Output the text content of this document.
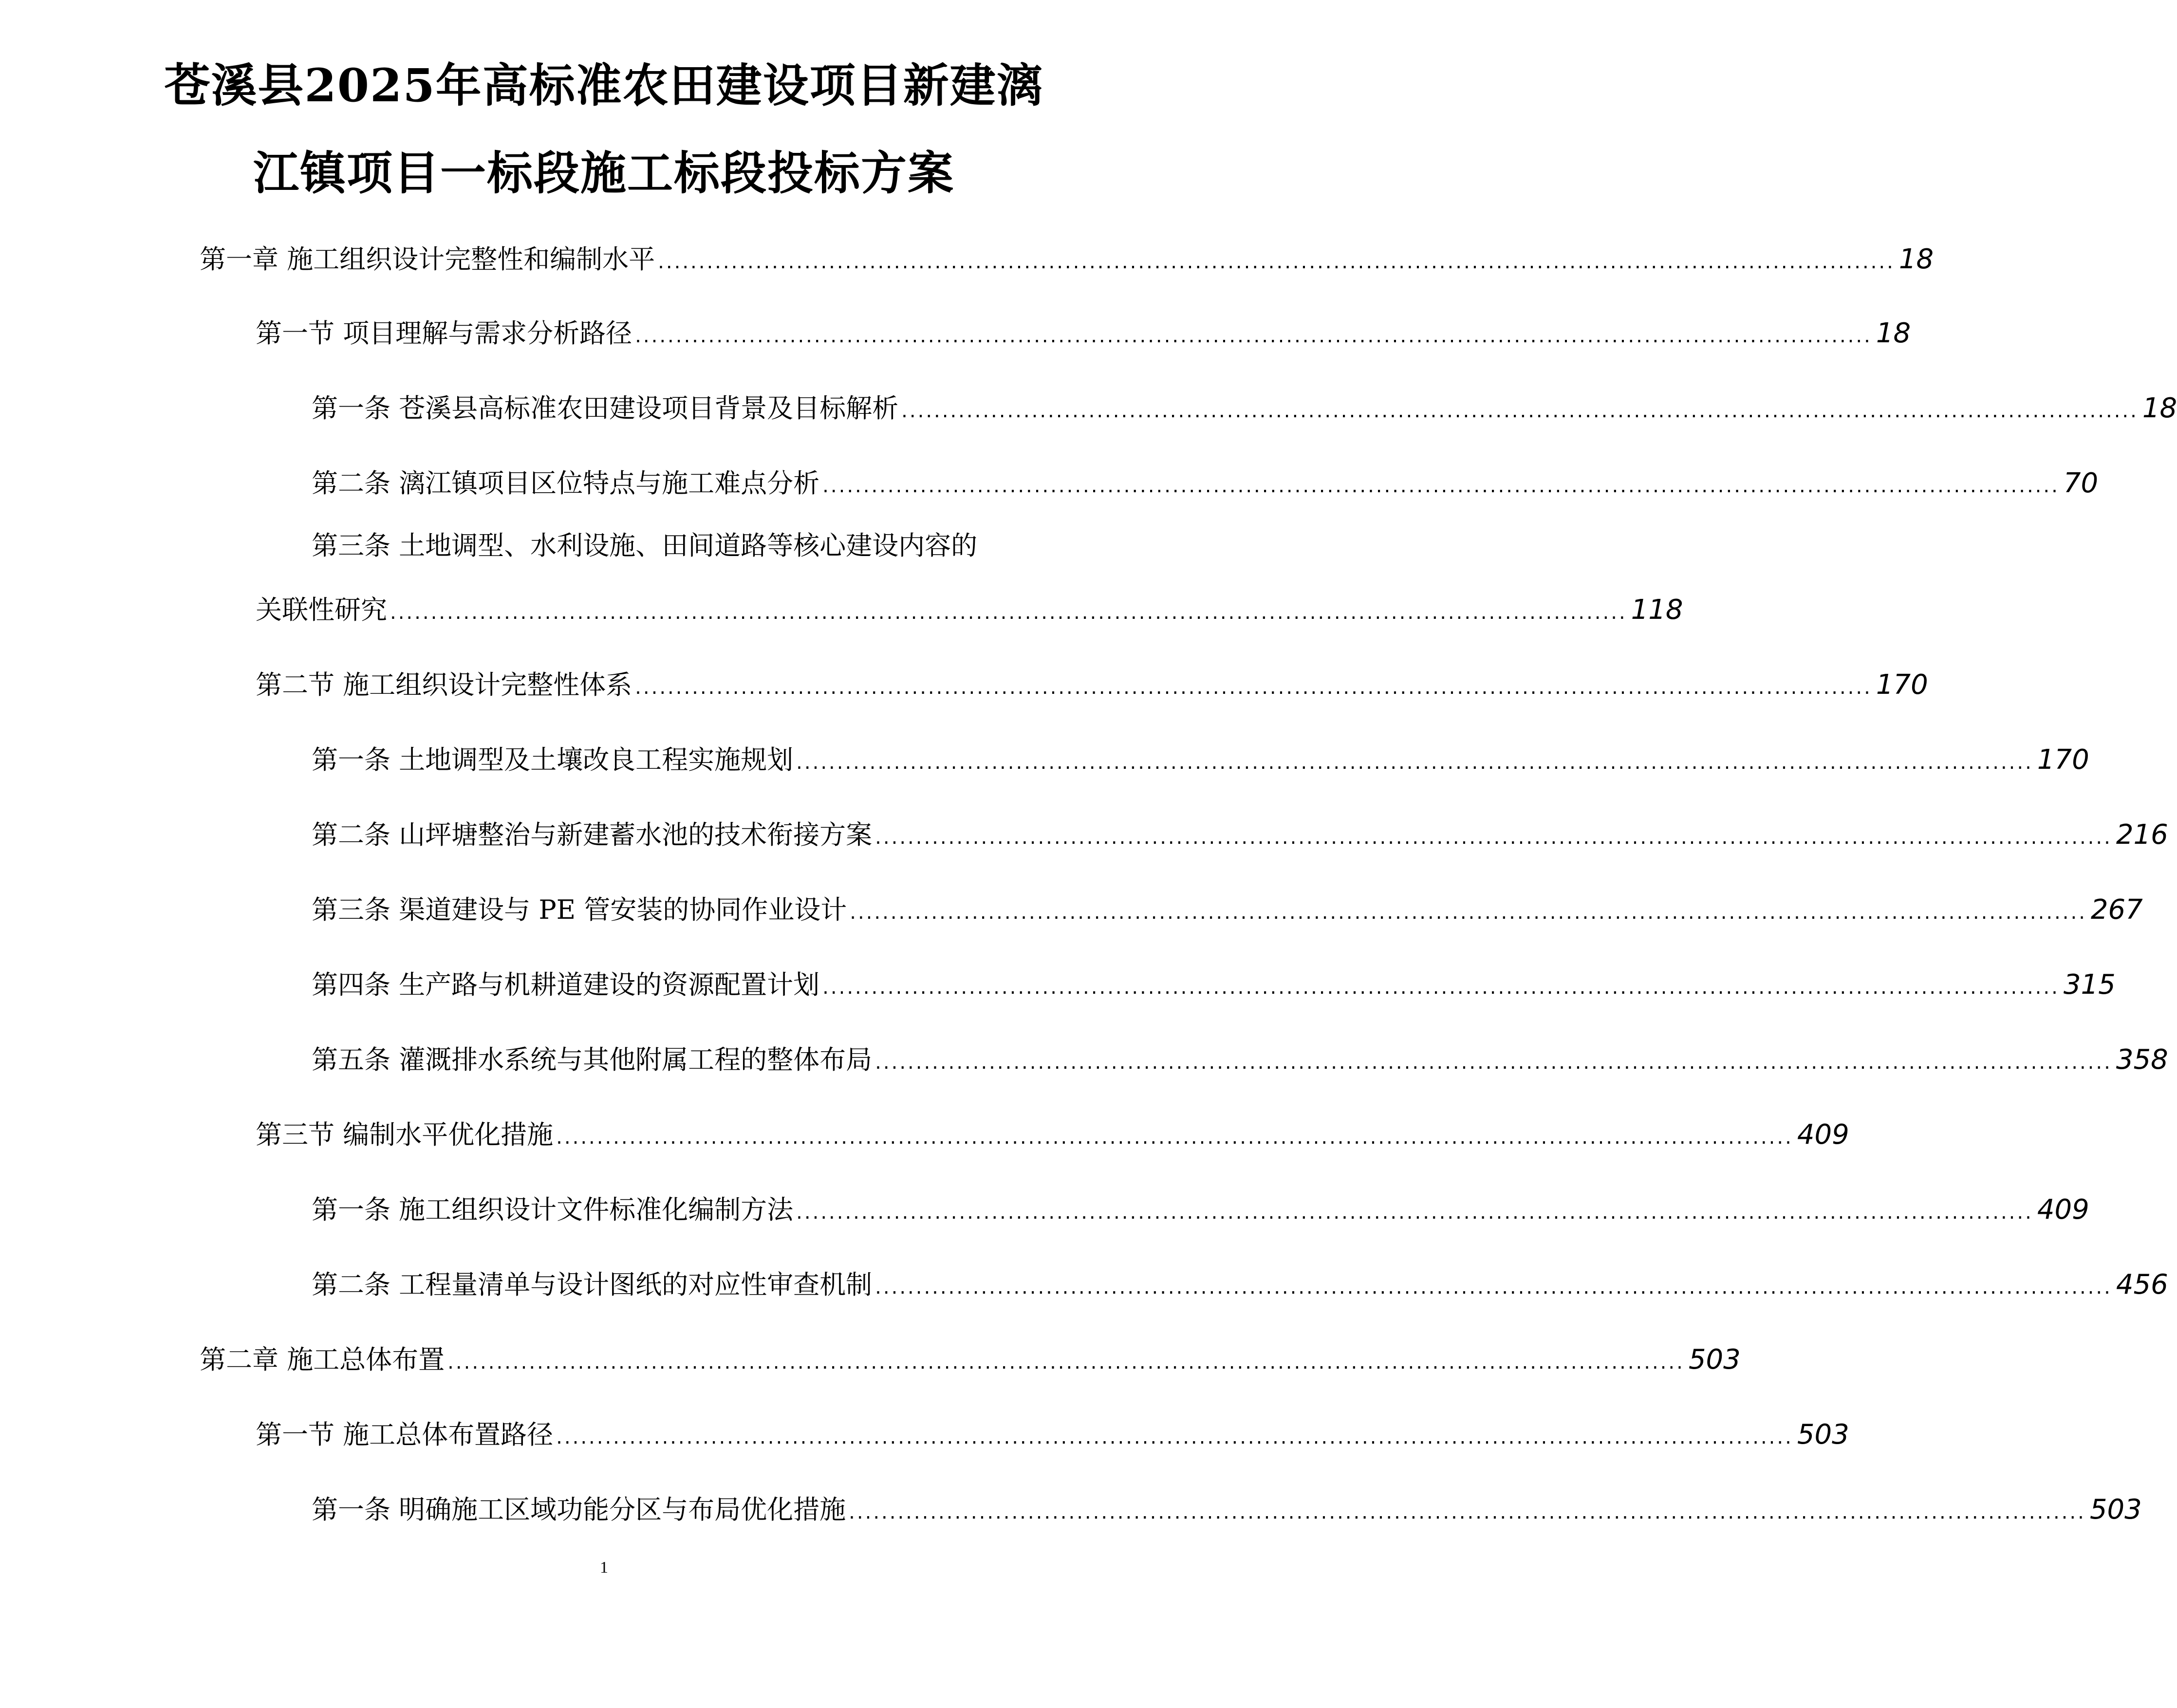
苍溪县2025年高标准农田建设项目新建漓
江镇项目一标段施工标段投标方案
第一章 施工组织设计完整性和编制水平 ........................................................................................................................................................ 18
第一节 项目理解与需求分析路径 ........................................................................................................................................................ 18
第一条 苍溪县高标准农田建设项目背景及目标解析 ........................................................................................................................................................ 18
第二条 漓江镇项目区位特点与施工难点分析 ........................................................................................................................................................ 70
第三条 土地调型、水利设施、田间道路等核心建设内容的
关联性研究 ........................................................................................................................................................ 118
第二节 施工组织设计完整性体系 ........................................................................................................................................................ 170
第一条 土地调型及土壤改良工程实施规划 ........................................................................................................................................................ 170
第二条 山坪塘整治与新建蓄水池的技术衔接方案 ........................................................................................................................................................ 216
第三条 渠道建设与 PE 管安装的协同作业设计 ........................................................................................................................................................ 267
第四条 生产路与机耕道建设的资源配置计划 ........................................................................................................................................................ 315
第五条 灌溉排水系统与其他附属工程的整体布局 ........................................................................................................................................................ 358
第三节 编制水平优化措施 ........................................................................................................................................................ 409
第一条 施工组织设计文件标准化编制方法 ........................................................................................................................................................ 409
第二条 工程量清单与设计图纸的对应性审查机制 ........................................................................................................................................................ 456
第二章 施工总体布置 ........................................................................................................................................................ 503
第一节 施工总体布置路径 ........................................................................................................................................................ 503
第一条 明确施工区域功能分区与布局优化措施 ........................................................................................................................................................ 503
1
